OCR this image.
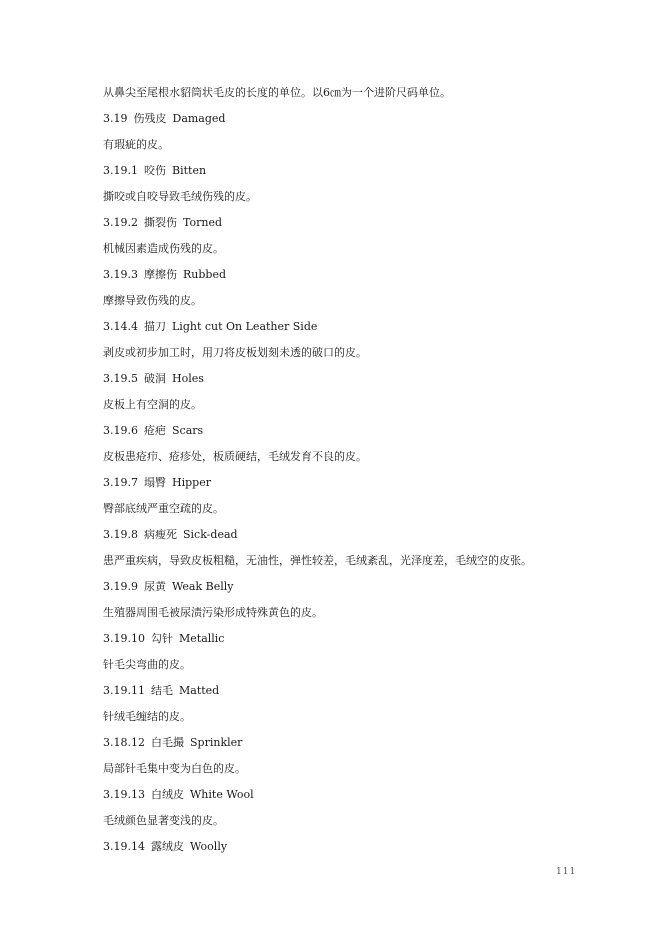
从鼻尖至尾根水貂筒状毛皮的长度的单位。以6㎝为一个进阶尺码单位。
3.19 伤残皮 Damaged
有瑕疵的皮。
3.19.1 咬伤 Bitten
撕咬或自咬导致毛绒伤残的皮。
3.19.2 撕裂伤 Torned
机械因素造成伤残的皮。
3.19.3 摩擦伤 Rubbed
摩擦导致伤残的皮。
3.14.4 描刀 Light cut On Leather Side
剥皮或初步加工时，用刀将皮板划刻未透的破口的皮。
3.19.5 破洞 Holes
皮板上有空洞的皮。
3.19.6 疮疤 Scars
皮板患疮疖、疮疹处，板质硬结，毛绒发育不良的皮。
3.19.7 塌臀 Hipper
臀部底绒严重空疏的皮。
3.19.8 病瘦死 Sick-dead
患严重疾病，导致皮板粗糙，无油性，弹性较差，毛绒紊乱，光泽度差，毛绒空的皮张。
3.19.9 尿黄 Weak Belly
生殖器周围毛被尿渍污染形成特殊黄色的皮。
3.19.10 勾针 Metallic
针毛尖弯曲的皮。
3.19.11 结毛 Matted
针绒毛缠结的皮。
3.18.12 白毛撮 Sprinkler
局部针毛集中变为白色的皮。
3.19.13 白绒皮 White Wool
毛绒颜色显著变浅的皮。
3.19.14 露绒皮 Woolly
111
